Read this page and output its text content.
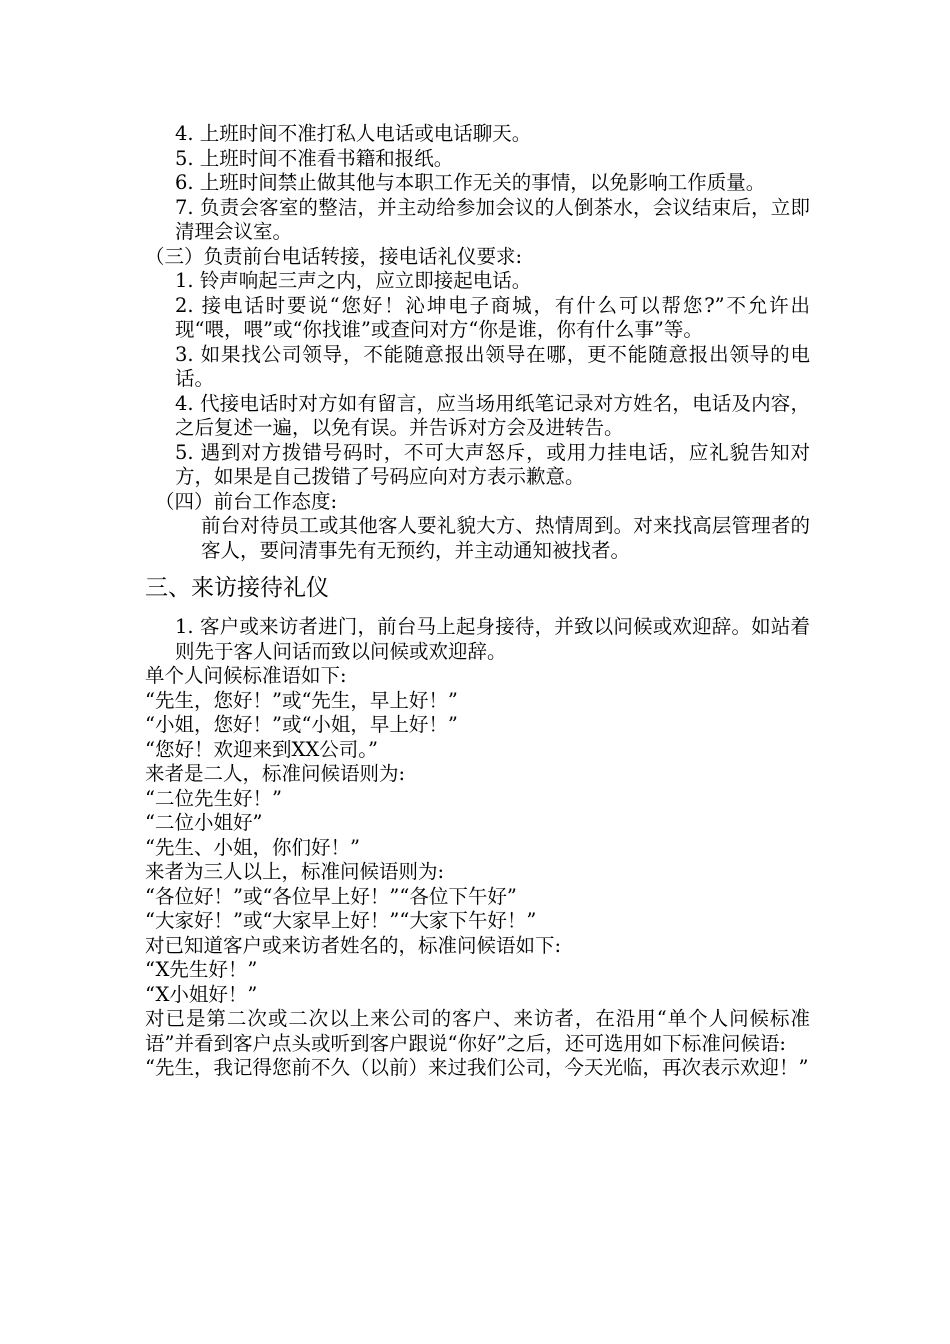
4. 上班时间不准打私人电话或电话聊天。
5. 上班时间不准看书籍和报纸。
6. 上班时间禁止做其他与本职工作无关的事情，以免影响工作质量。
7. 负责会客室的整洁，并主动给参加会议的人倒茶水，会议结束后，立即清理会议室。
（三）负责前台电话转接，接电话礼仪要求:
1. 铃声响起三声之内，应立即接起电话。
2. 接电话时要说“您好！沁坤电子商城，有什么可以帮您?”不允许出现“喂，喂”或“你找谁”或查问对方“你是谁，你有什么事”等。
3. 如果找公司领导，不能随意报出领导在哪，更不能随意报出领导的电话。
4. 代接电话时对方如有留言，应当场用纸笔记录对方姓名，电话及内容，之后复述一遍，以免有误。并告诉对方会及进转告。
5. 遇到对方拨错号码时，不可大声怒斥，或用力挂电话，应礼貌告知对方，如果是自己拨错了号码应向对方表示歉意。
（四）前台工作态度:
前台对待员工或其他客人要礼貌大方、热情周到。对来找高层管理者的客人，要问清事先有无预约，并主动通知被找者。
三、来访接待礼仪
1. 客户或来访者进门，前台马上起身接待，并致以问候或欢迎辞。如站着则先于客人问话而致以问候或欢迎辞。
单个人问候标准语如下:
“先生，您好！”或“先生，早上好！”
“小姐，您好！”或“小姐，早上好！”
“您好！欢迎来到XX公司。”
来者是二人，标准问候语则为:
“二位先生好！”
“二位小姐好”
“先生、小姐，你们好！”
来者为三人以上，标准问候语则为:
“各位好！”或“各位早上好！”“各位下午好”
“大家好！”或“大家早上好！”“大家下午好！”
对已知道客户或来访者姓名的，标准问候语如下:
“X先生好！”
“X小姐好！”
对已是第二次或二次以上来公司的客户、来访者，在沿用“单个人问候标准语”并看到客户点头或听到客户跟说“你好”之后，还可选用如下标准问候语:
“先生，我记得您前不久（以前）来过我们公司，今天光临，再次表示欢迎！”
